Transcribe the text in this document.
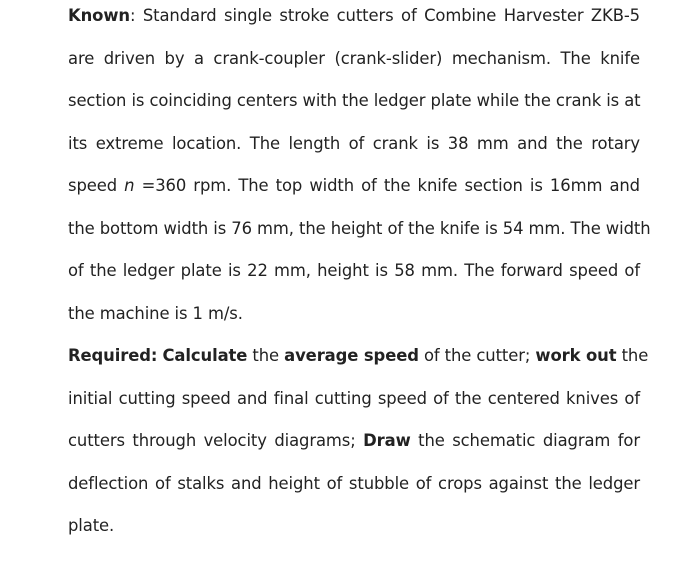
Known: Standard single stroke cutters of Combine Harvester ZKB-5
are driven by a crank-coupler (crank-slider) mechanism. The knife
section is coinciding centers with the ledger plate while the crank is at
its extreme location. The length of crank is 38 mm and the rotary
speed n =360 rpm. The top width of the knife section is 16mm and
the bottom width is 76 mm, the height of the knife is 54 mm. The width
of the ledger plate is 22 mm, height is 58 mm. The forward speed of
the machine is 1 m/s.
Required: Calculate the average speed of the cutter; work out the
initial cutting speed and final cutting speed of the centered knives of
cutters through velocity diagrams; Draw the schematic diagram for
deflection of stalks and height of stubble of crops against the ledger
plate.
